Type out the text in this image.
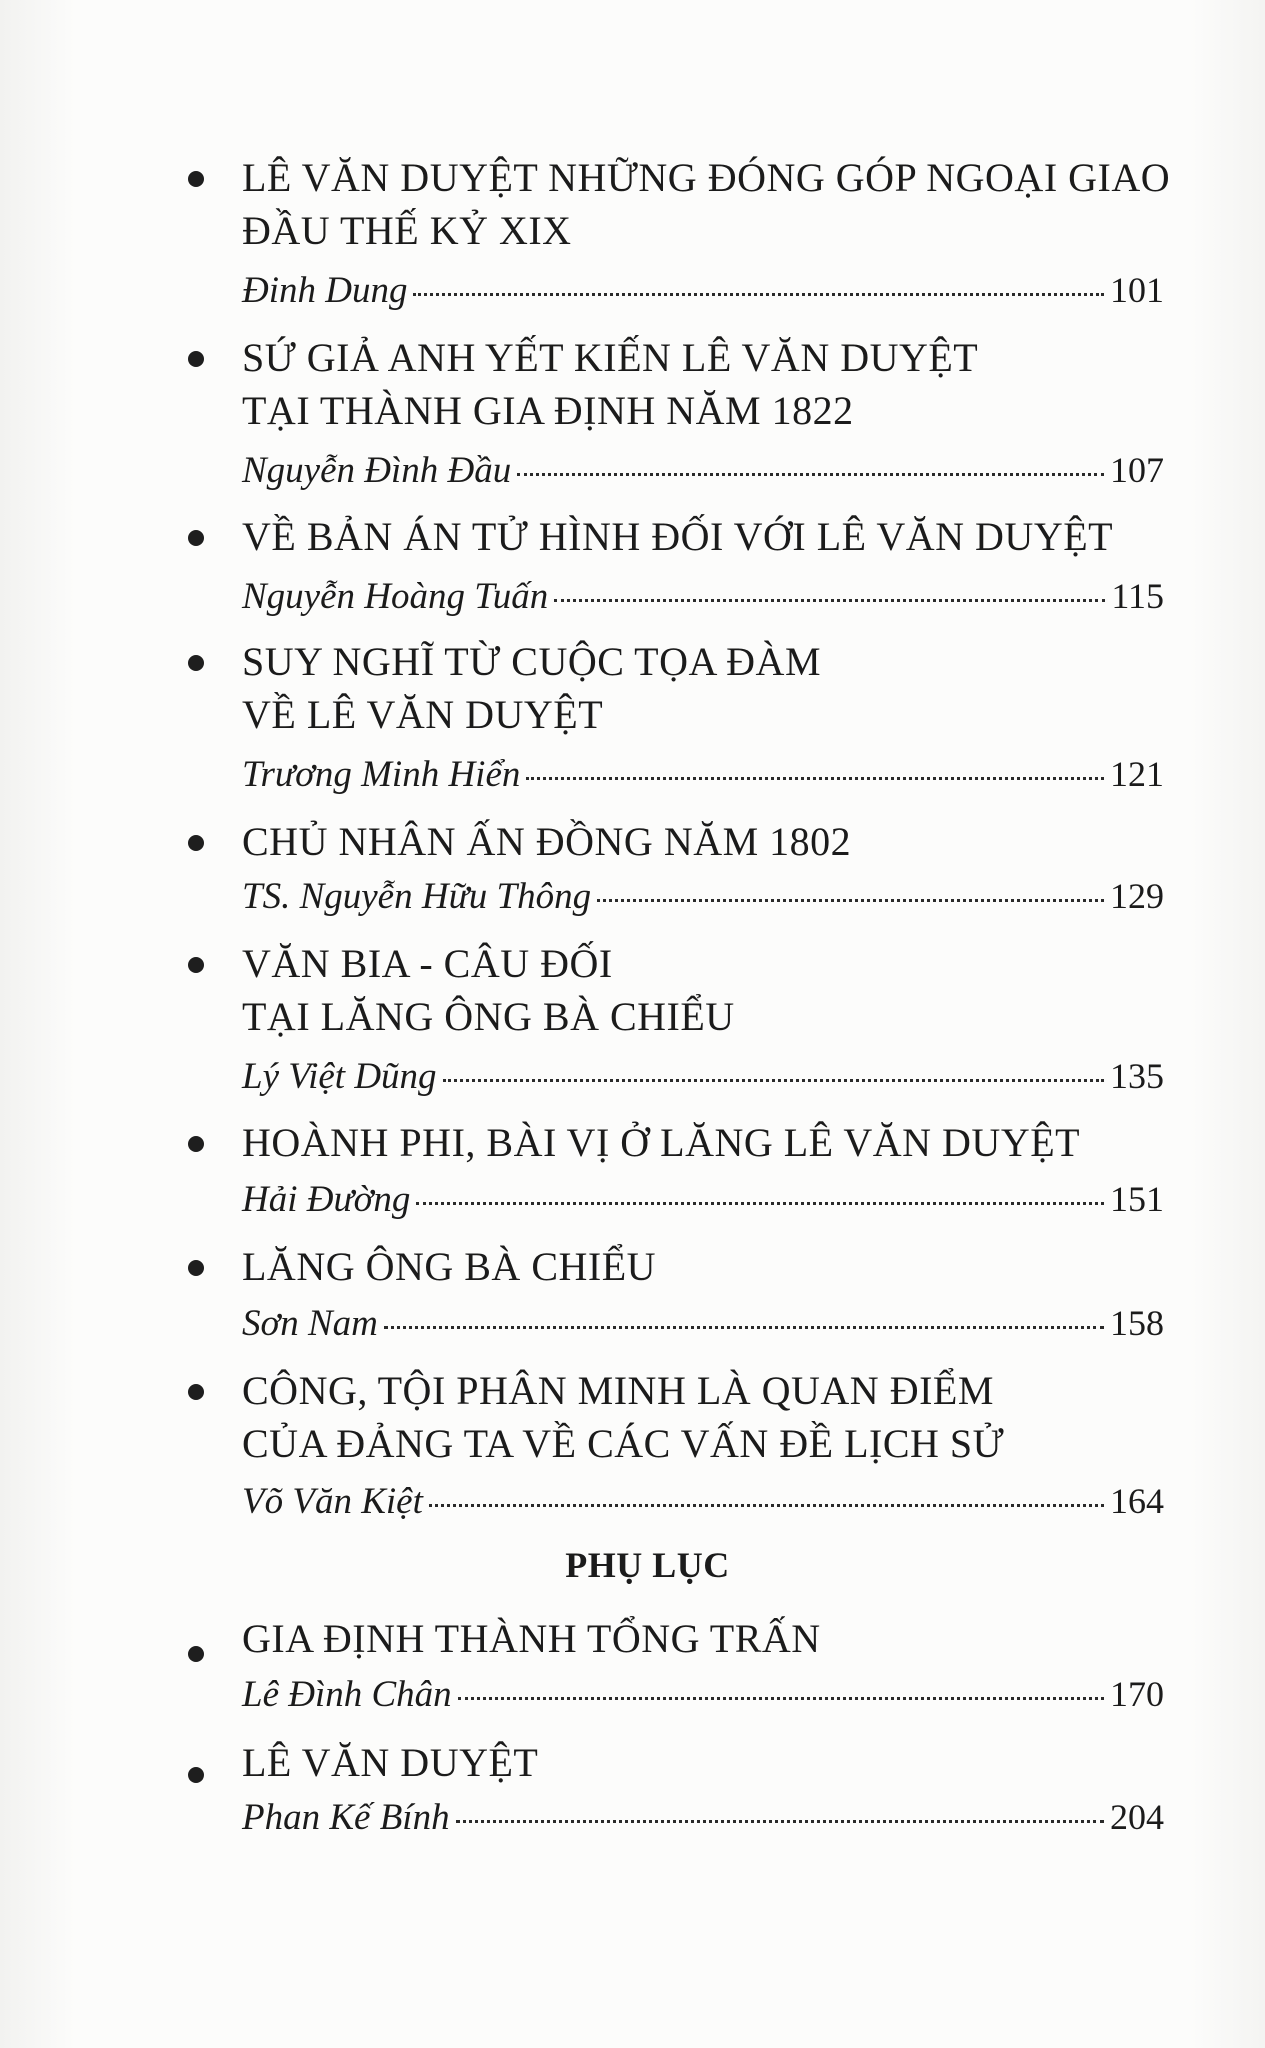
LÊ VĂN DUYỆT NHỮNG ĐÓNG GÓP NGOẠI GIAO
ĐẦU THẾ KỶ XIX
Đinh Dung	101
SỨ GIẢ ANH YẾT KIẾN LÊ VĂN DUYỆT
TẠI THÀNH GIA ĐỊNH NĂM 1822
Nguyễn Đình Đầu	107
VỀ BẢN ÁN TỬ HÌNH ĐỐI VỚI LÊ VĂN DUYỆT
Nguyễn Hoàng Tuấn	115
SUY NGHĨ TỪ CUỘC TỌA ĐÀM
VỀ LÊ VĂN DUYỆT
Trương Minh Hiển	121
CHỦ NHÂN ẤN ĐỒNG NĂM 1802
TS. Nguyễn Hữu Thông	129
VĂN BIA - CÂU ĐỐI
TẠI LĂNG ÔNG BÀ CHIỂU
Lý Việt Dũng	135
HOÀNH PHI, BÀI VỊ Ở LĂNG LÊ VĂN DUYỆT
Hải Đường	151
LĂNG ÔNG BÀ CHIỂU
Sơn Nam	158
CÔNG, TỘI PHÂN MINH LÀ QUAN ĐIỂM
CỦA ĐẢNG TA VỀ CÁC VẤN ĐỀ LỊCH SỬ
Võ Văn Kiệt	164
PHỤ LỤC
GIA ĐỊNH THÀNH TỔNG TRẤN
Lê Đình Chân	170
LÊ VĂN DUYỆT
Phan Kế Bính	204
